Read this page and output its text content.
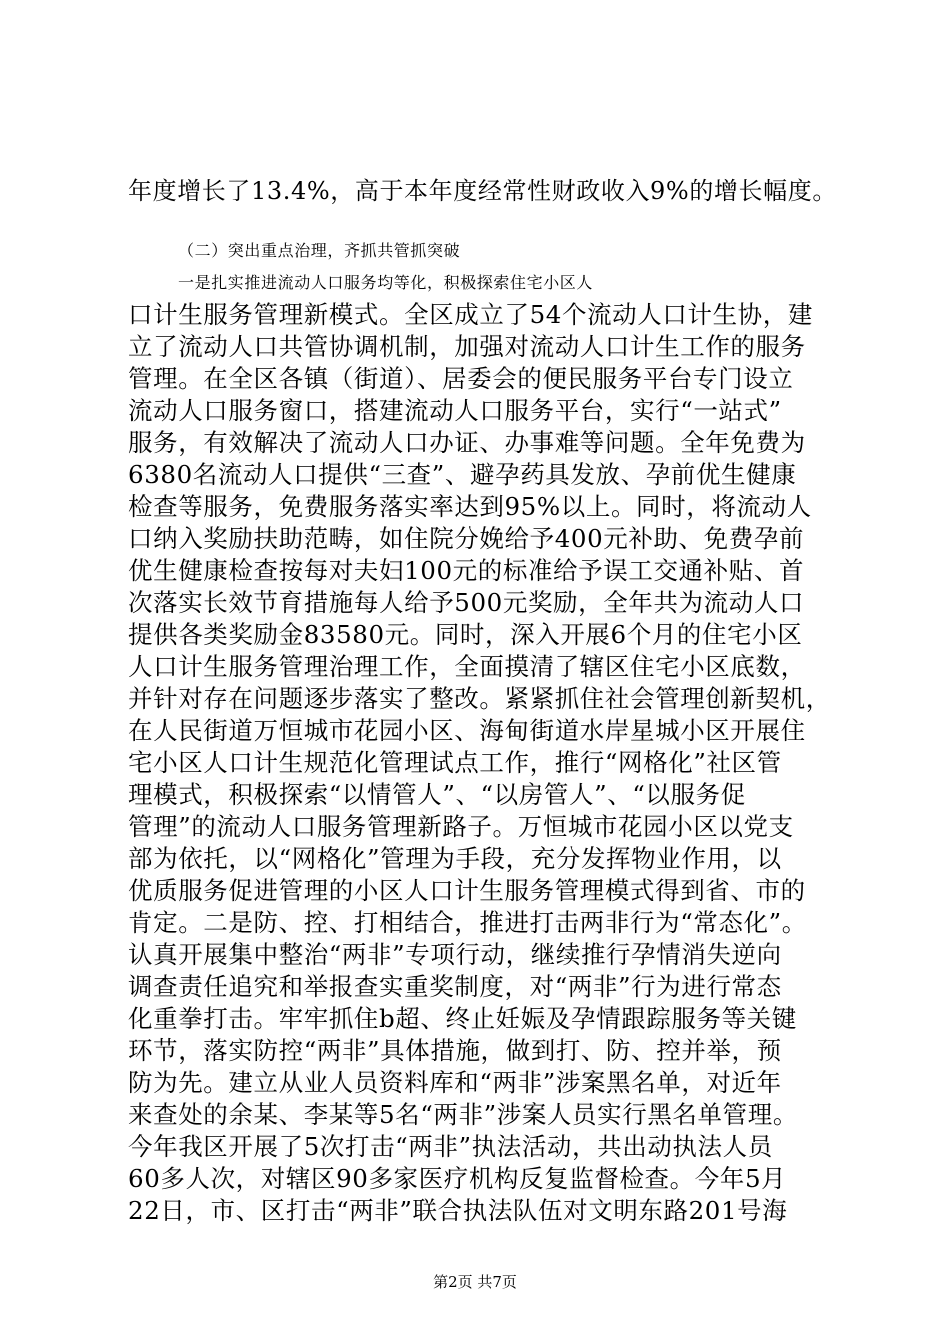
年度增长了13.4%，高于本年度经常性财政收入9%的增长幅度。
（二）突出重点治理，齐抓共管抓突破
一是扎实推进流动人口服务均等化，积极探索住宅小区人
口计生服务管理新模式。全区成立了54个流动人口计生协，建
立了流动人口共管协调机制，加强对流动人口计生工作的服务
管理。在全区各镇（街道）、居委会的便民服务平台专门设立
流动人口服务窗口，搭建流动人口服务平台，实行“一站式”
服务，有效解决了流动人口办证、办事难等问题。全年免费为
6380名流动人口提供“三查”、避孕药具发放、孕前优生健康
检查等服务，免费服务落实率达到95%以上。同时，将流动人
口纳入奖励扶助范畴，如住院分娩给予400元补助、免费孕前
优生健康检查按每对夫妇100元的标准给予误工交通补贴、首
次落实长效节育措施每人给予500元奖励，全年共为流动人口
提供各类奖励金83580元。同时，深入开展6个月的住宅小区
人口计生服务管理治理工作，全面摸清了辖区住宅小区底数，
并针对存在问题逐步落实了整改。紧紧抓住社会管理创新契机，
在人民街道万恒城市花园小区、海甸街道水岸星城小区开展住
宅小区人口计生规范化管理试点工作，推行“网格化”社区管
理模式，积极探索“以情管人”、“以房管人”、“以服务促
管理”的流动人口服务管理新路子。万恒城市花园小区以党支
部为依托，以“网格化”管理为手段，充分发挥物业作用，以
优质服务促进管理的小区人口计生服务管理模式得到省、市的
肯定。二是防、控、打相结合，推进打击两非行为“常态化”。
认真开展集中整治“两非”专项行动，继续推行孕情消失逆向
调查责任追究和举报查实重奖制度，对“两非”行为进行常态
化重拳打击。牢牢抓住b超、终止妊娠及孕情跟踪服务等关键
环节，落实防控“两非”具体措施，做到打、防、控并举，预
防为先。建立从业人员资料库和“两非”涉案黑名单，对近年
来查处的余某、李某等5名“两非”涉案人员实行黑名单管理。
今年我区开展了5次打击“两非”执法活动，共出动执法人员
60多人次，对辖区90多家医疗机构反复监督检查。今年5月
22日，市、区打击“两非”联合执法队伍对文明东路201号海
第2页 共7页
